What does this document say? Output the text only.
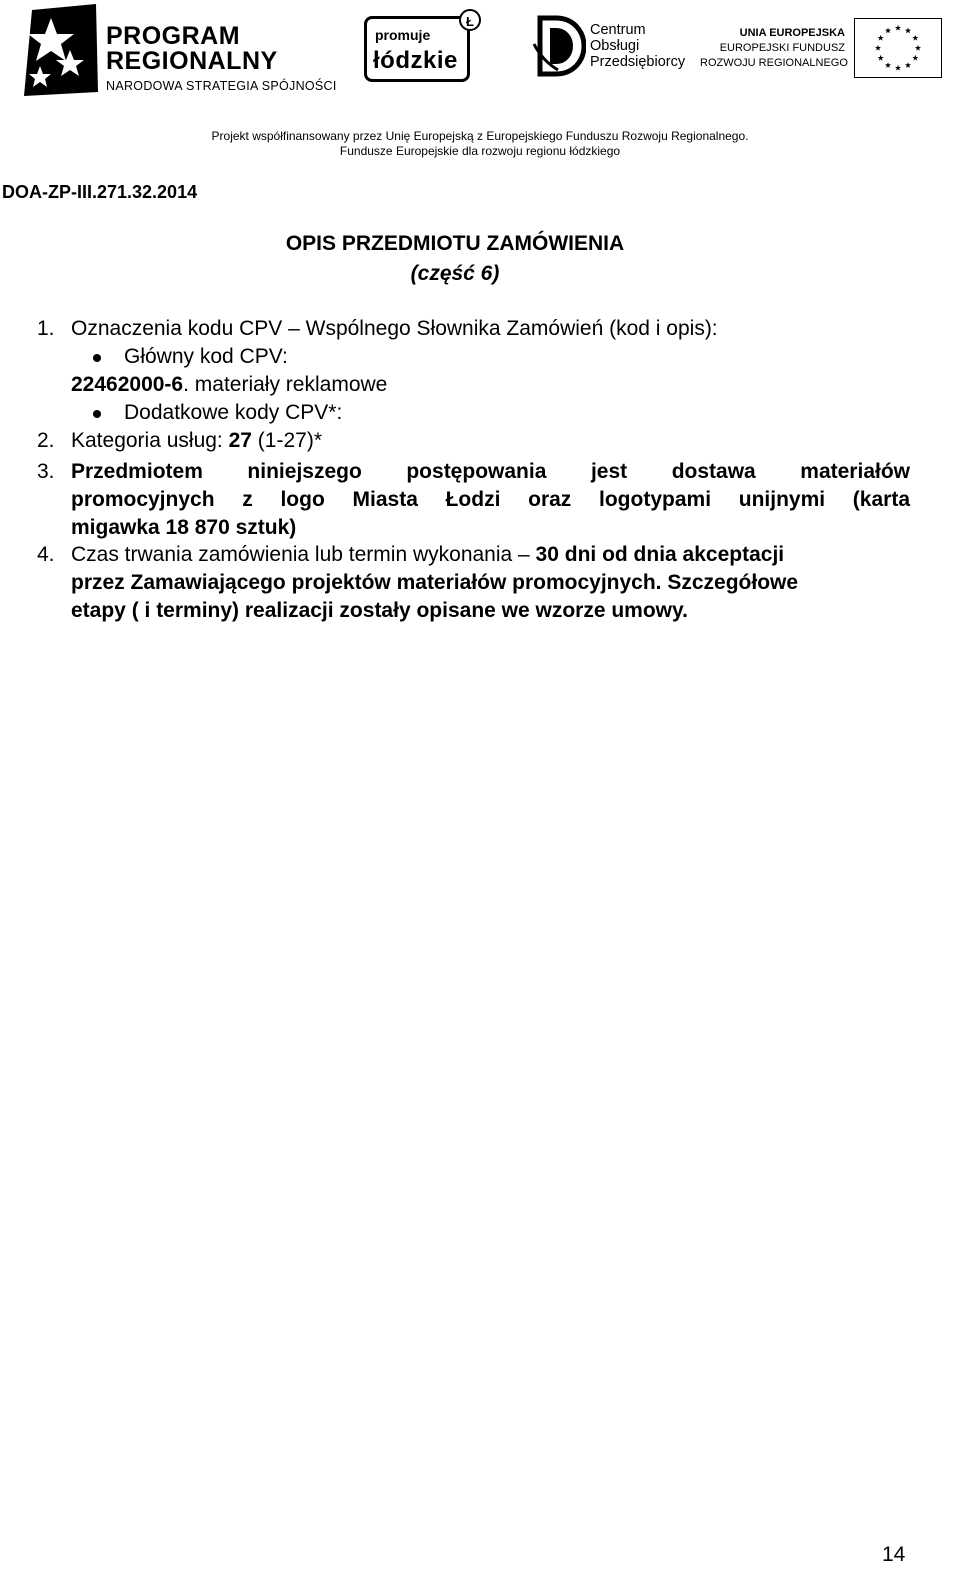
PROGRAM
REGIONALNY
NARODOWA STRATEGIA SPÓJNOŚCI
promuje
łódzkie
Ł
Centrum
Obsługi
Przedsiębiorcy
UNIA EUROPEJSKA
EUROPEJSKI FUNDUSZ
ROZWOJU REGIONALNEGO
Projekt współfinansowany przez Unię Europejską z Europejskiego Funduszu Rozwoju Regionalnego.
Fundusze Europejskie dla rozwoju regionu łódzkiego
DOA-ZP-III.271.32.2014
OPIS PRZEDMIOTU ZAMÓWIENIA
(część 6)
1. Oznaczenia kodu CPV – Wspólnego Słownika Zamówień (kod i opis):
Główny kod CPV:
22462000-6. materiały reklamowe
Dodatkowe kody CPV*:
2. Kategoria usług: 27 (1-27)*
3. Przedmiotem niniejszego postępowania jest dostawa materiałów
promocyjnych z logo Miasta Łodzi oraz logotypami unijnymi (karta
migawka 18 870 sztuk)
4. Czas trwania zamówienia lub termin wykonania – 30 dni od dnia akceptacji
przez Zamawiającego projektów materiałów promocyjnych. Szczegółowe
etapy ( i terminy) realizacji zostały opisane we wzorze umowy.
14
